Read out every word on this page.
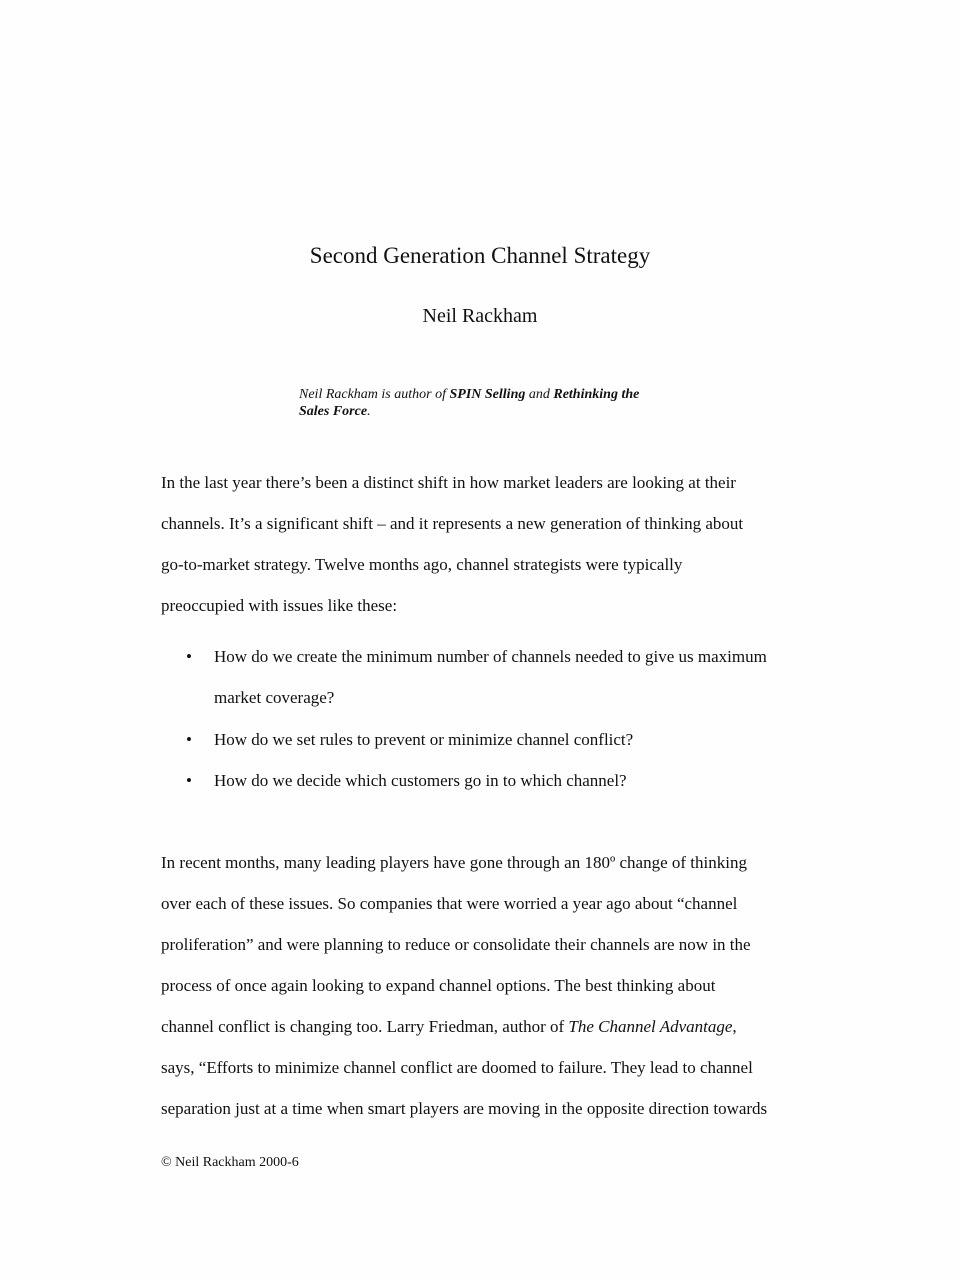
Second Generation Channel Strategy
Neil Rackham
Neil Rackham is author of SPIN Selling and Rethinking the
Sales Force.
In the last year there’s been a distinct shift in how market leaders are looking at their
channels. It’s a significant shift – and it represents a new generation of thinking about
go-to-market strategy. Twelve months ago, channel strategists were typically
preoccupied with issues like these:
• How do we create the minimum number of channels needed to give us maximum
market coverage?
• How do we set rules to prevent or minimize channel conflict?
• How do we decide which customers go in to which channel?
In recent months, many leading players have gone through an 180º change of thinking
over each of these issues. So companies that were worried a year ago about “channel
proliferation” and were planning to reduce or consolidate their channels are now in the
process of once again looking to expand channel options. The best thinking about
channel conflict is changing too. Larry Friedman, author of The Channel Advantage,
says, “Efforts to minimize channel conflict are doomed to failure. They lead to channel
separation just at a time when smart players are moving in the opposite direction towards
© Neil Rackham 2000-6
